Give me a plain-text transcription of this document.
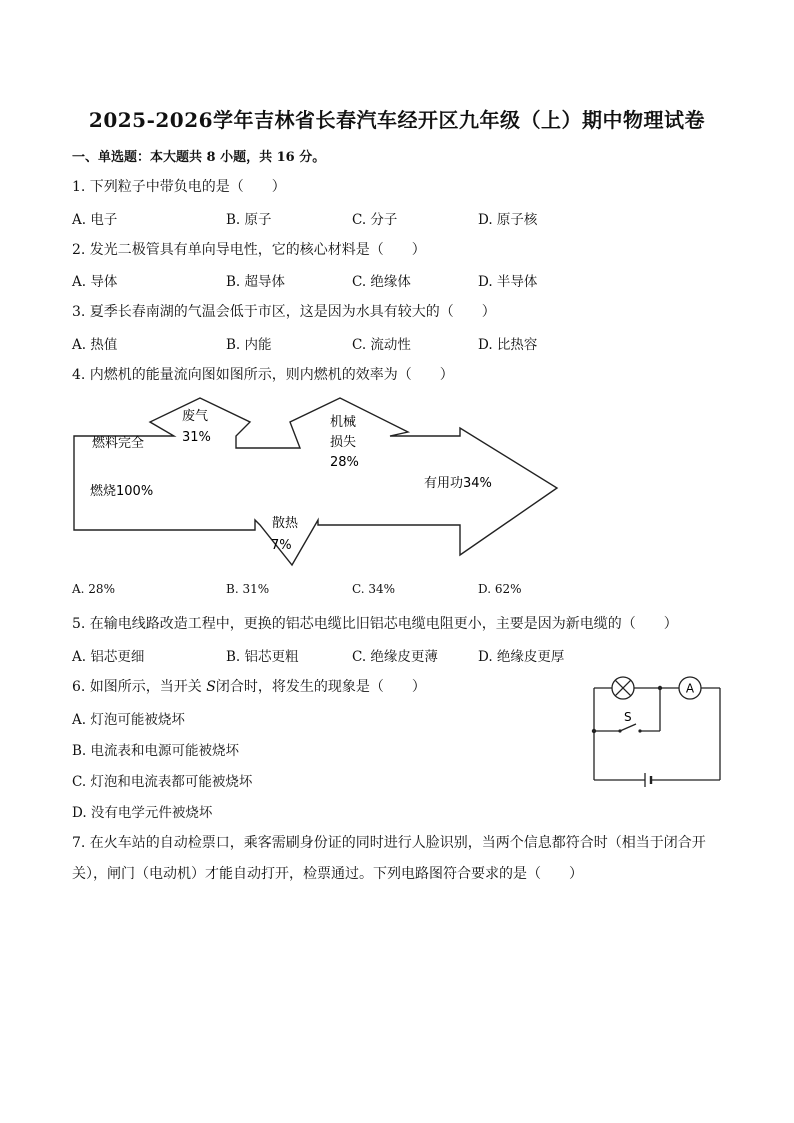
2025-2026学年吉林省长春汽车经开区九年级（上）期中物理试卷
一、单选题：本大题共 8 小题，共 16 分。
1. 下列粒子中带负电的是（　　）
A. 电子	B. 原子	C. 分子	D. 原子核
2. 发光二极管具有单向导电性，它的核心材料是（　　）
A. 导体	B. 超导体	C. 绝缘体	D. 半导体
3. 夏季长春南湖的气温会低于市区，这是因为水具有较大的（　　）
A. 热值	B. 内能	C. 流动性	D. 比热容
4. 内燃机的能量流向图如图所示，则内燃机的效率为（　　）
燃料完全
燃烧100%
废气
31%
机械
损失
28%
有用功34%
散热
7%
A. 28%	B. 31%	C. 34%	D. 62%
5. 在输电线路改造工程中，更换的铝芯电缆比旧铝芯电缆电阻更小，主要是因为新电缆的（　　）
A. 铝芯更细	B. 铝芯更粗	C. 绝缘皮更薄	D. 绝缘皮更厚
6. 如图所示，当开关 S闭合时，将发生的现象是（　　）
A. 灯泡可能被烧坏
B. 电流表和电源可能被烧坏
C. 灯泡和电流表都可能被烧坏
D. 没有电学元件被烧坏
A
S
7. 在火车站的自动检票口，乘客需刷身份证的同时进行人脸识别，当两个信息都符合时（相当于闭合开
关），闸门（电动机）才能自动打开，检票通过。下列电路图符合要求的是（　　）
